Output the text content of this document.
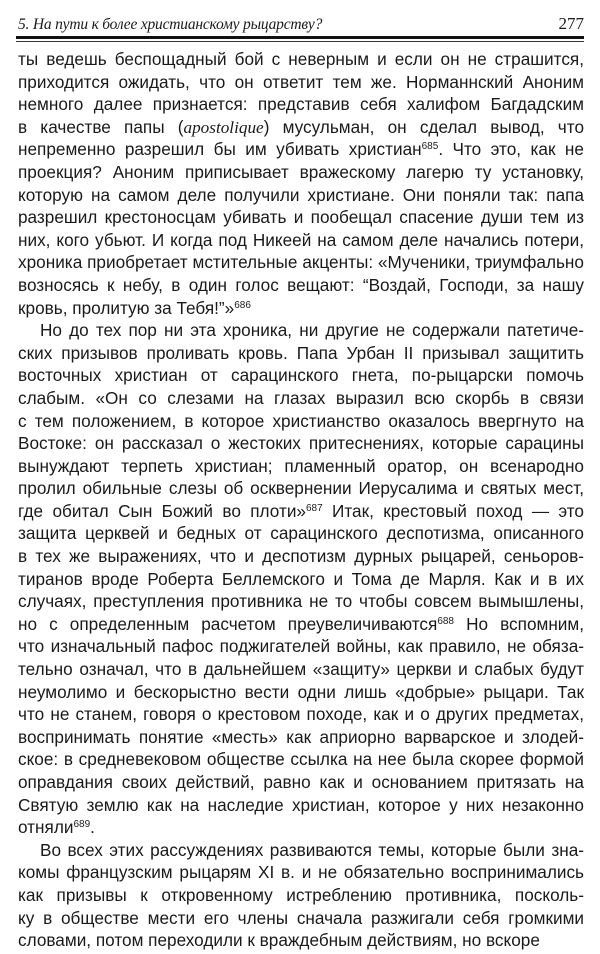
5. На пути к более христианскому рыцарству?	277
ты ведешь беспощадный бой с неверным и если он не страшится,
приходится ожидать, что он ответит тем же. Норманнский Аноним
немного далее признается: представив себя халифом Багдадским
в качестве папы (apostolique) мусульман, он сделал вывод, что
непременно разрешил бы им убивать христиан$^{685}$. Что это, как не
проекция? Аноним приписывает вражескому лагерю ту установку,
которую на самом деле получили христиане. Они поняли так: папа
разрешил крестоносцам убивать и пообещал спасение души тем из
них, кого убьют. И когда под Никеей на самом деле начались потери,
хроника приобретает мстительные акценты: «Мученики, триумфально
возносясь к небу, в один голос вещают: “Воздай, Господи, за нашу
кровь, пролитую за Тебя!”»$^{686}$
Но до тех пор ни эта хроника, ни другие не содержали патетиче-
ских призывов проливать кровь. Папа Урбан II призывал защитить
восточных христиан от сарацинского гнета, по-рыцарски помочь
слабым. «Он со слезами на глазах выразил всю скорбь в связи
с тем положением, в которое христианство оказалось ввергнуто на
Востоке: он рассказал о жестоких притеснениях, которые сарацины
вынуждают терпеть христиан; пламенный оратор, он всенародно
пролил обильные слезы об осквернении Иерусалима и святых мест,
где обитал Сын Божий во плоти»$^{687}$ Итак, крестовый поход — это
защита церквей и бедных от сарацинского деспотизма, описанного
в тех же выражениях, что и деспотизм дурных рыцарей, сеньоров-
тиранов вроде Роберта Беллемского и Тома де Марля. Как и в их
случаях, преступления противника не то чтобы совсем вымышлены,
но с определенным расчетом преувеличиваются$^{688}$ Но вспомним,
что изначальный пафос поджигателей войны, как правило, не обяза-
тельно означал, что в дальнейшем «защиту» церкви и слабых будут
неумолимо и бескорыстно вести одни лишь «добрые» рыцари. Так
что не станем, говоря о крестовом походе, как и о других предметах,
воспринимать понятие «месть» как априорно варварское и злодей-
ское: в средневековом обществе ссылка на нее была скорее формой
оправдания своих действий, равно как и основанием притязать на
Святую землю как на наследие христиан, которое у них незаконно
отняли$^{689}$.
Во всех этих рассуждениях развиваются темы, которые были зна-
комы французским рыцарям XI в. и не обязательно воспринимались
как призывы к откровенному истреблению противника, посколь-
ку в обществе мести его члены сначала разжигали себя громкими
словами, потом переходили к враждебным действиям, но вскоре
